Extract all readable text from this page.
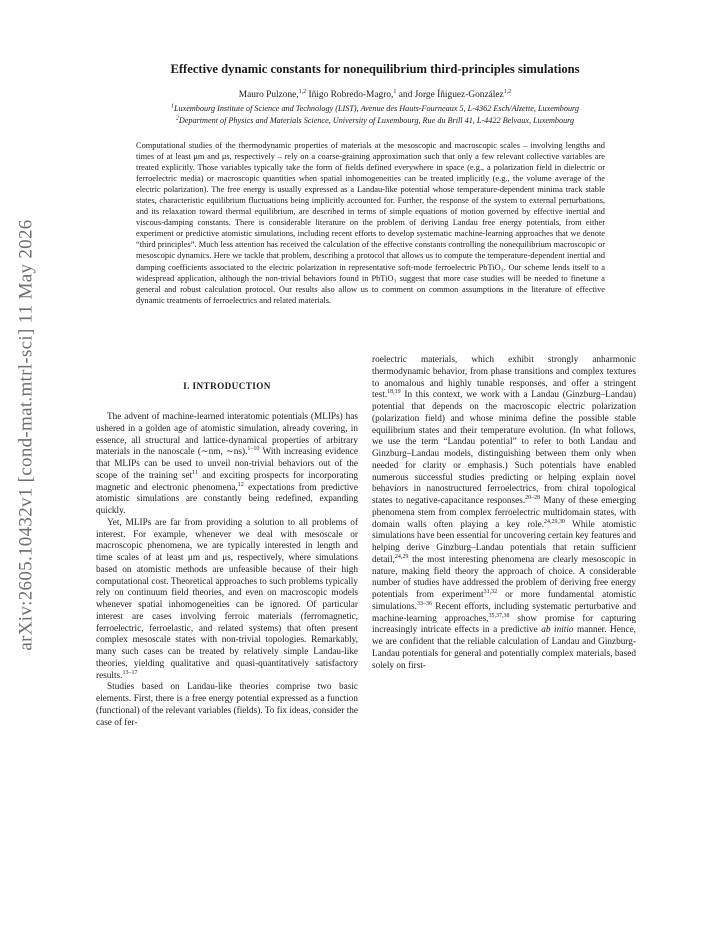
arXiv:2605.10432v1 [cond-mat.mtrl-sci] 11 May 2026
Effective dynamic constants for nonequilibrium third-principles simulations
Mauro Pulzone,$^{1,2}$ Iñigo Robredo-Magro,$^1$ and Jorge Íñiguez-González$^{1,2}$
$^1$Luxembourg Institute of Science and Technology (LIST), Avenue des Hauts-Fourneaux 5, L-4362 Esch/Alzette, Luxembourg
$^2$Department of Physics and Materials Science, University of Luxembourg, Rue du Brill 41, L-4422 Belvaux, Luxembourg

Computational studies of the thermodynamic properties of materials at the mesoscopic and macroscopic scales – involving lengths and times of at least μm and μs, respectively – rely on a coarse-graining approximation such that only a few relevant collective variables are treated explicitly. Those variables typically take the form of fields defined everywhere in space (e.g., a polarization field in dielectric or ferroelectric media) or macroscopic quantities when spatial inhomogeneities can be treated implicitly (e.g., the volume average of the electric polarization). The free energy is usually expressed as a Landau-like potential whose temperature-dependent minima track stable states, characteristic equilibrium fluctuations being implicitly accounted for. Further, the response of the system to external perturbations, and its relaxation toward thermal equilibrium, are described in terms of simple equations of motion governed by effective inertial and viscous-damping constants. There is considerable literature on the problem of deriving Landau free energy potentials, from either experiment or predictive atomistic simulations, including recent efforts to develop systematic machine-learning approaches that we denote “third principles”. Much less attention has received the calculation of the effective constants controlling the nonequilibrium macroscopic or mesoscopic dynamics. Here we tackle that problem, describing a protocol that allows us to compute the temperature-dependent inertial and damping coefficients associated to the electric polarization in representative soft-mode ferroelectric PbTiO₃. Our scheme lends itself to a widespread application, although the non-trivial behaviors found in PbTiO₃ suggest that more case studies will be needed to finetune a general and robust calculation protocol. Our results also allow us to comment on common assumptions in the literature of effective dynamic treatments of ferroelectrics and related materials.

I. INTRODUCTION

The advent of machine-learned interatomic potentials (MLIPs) has ushered in a golden age of atomistic simulation, already covering, in essence, all structural and lattice-dynamical properties of arbitrary materials in the nanoscale (∼nm, ∼ns).$^{1-10}$ With increasing evidence that MLIPs can be used to unveil non-trivial behaviors out of the scope of the training set$^{11}$ and exciting prospects for incorporating magnetic and electronic phenomena,$^{12}$ expectations from predictive atomistic simulations are constantly being redefined, expanding quickly.

Yet, MLIPs are far from providing a solution to all problems of interest. For example, whenever we deal with mesoscale or macroscopic phenomena, we are typically interested in length and time scales of at least μm and μs, respectively, where simulations based on atomistic methods are unfeasible because of their high computational cost. Theoretical approaches to such problems typically rely on continuum field theories, and even on macroscopic models whenever spatial inhomogeneities can be ignored. Of particular interest are cases involving ferroic materials (ferromagnetic, ferroelectric, ferroelastic, and related systems) that often present complex mesoscale states with non-trivial topologies. Remarkably, many such cases can be treated by relatively simple Landau-like theories, yielding qualitative and quasi-quantitatively satisfactory results.$^{13-17}$

Studies based on Landau-like theories comprise two basic elements. First, there is a free energy potential expressed as a function (functional) of the relevant variables (fields). To fix ideas, consider the case of fer-

roelectric materials, which exhibit strongly anharmonic thermodynamic behavior, from phase transitions and complex textures to anomalous and highly tunable responses, and offer a stringent test.$^{18,19}$ In this context, we work with a Landau (Ginzburg–Landau) potential that depends on the macroscopic electric polarization (polarization field) and whose minima define the possible stable equilibrium states and their temperature evolution. (In what follows, we use the term “Landau potential” to refer to both Landau and Ginzburg–Landau models, distinguishing between them only when needed for clarity or emphasis.) Such potentials have enabled numerous successful studies predicting or helping explain novel behaviors in nanostructured ferroelectrics, from chiral topological states to negative-capacitance responses.$^{20-28}$ Many of these emerging phenomena stem from complex ferroelectric multidomain states, with domain walls often playing a key role.$^{24,29,30}$ While atomistic simulations have been essential for uncovering certain key features and helping derive Ginzburg–Landau potentials that retain sufficient detail,$^{24,29}$ the most interesting phenomena are clearly mesoscopic in nature, making field theory the approach of choice. A considerable number of studies have addressed the problem of deriving free energy potentials from experiment$^{31,32}$ or more fundamental atomistic simulations.$^{33-36}$ Recent efforts, including systematic perturbative and machine-learning approaches,$^{35,37,38}$ show promise for capturing increasingly intricate effects in a predictive ab initio manner. Hence, we are confident that the reliable calculation of Landau and Ginzburg-Landau potentials for general and potentially complex materials, based solely on first-
